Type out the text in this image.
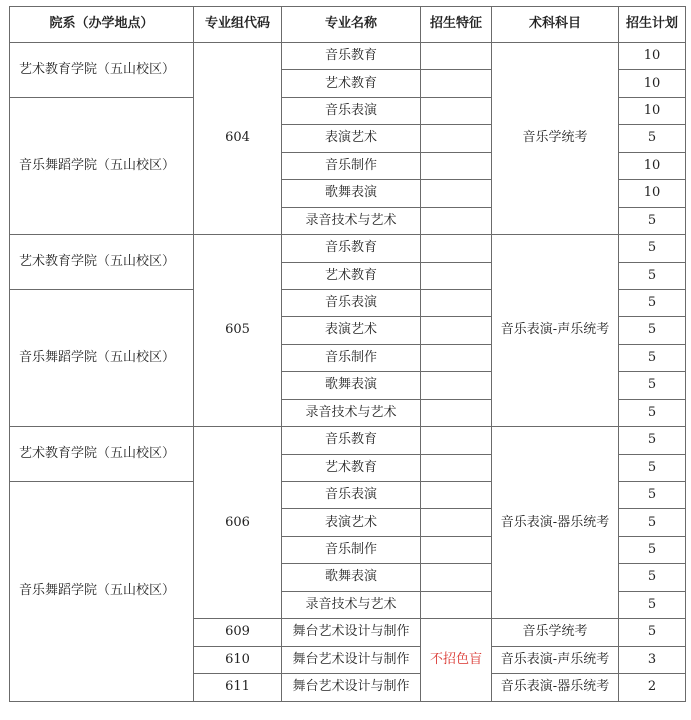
院系（办学地点）	专业组代码	专业名称	招生特征	术科科目	招生计划
艺术教育学院（五山校区）	604	音乐教育		音乐学统考	10
		艺术教育			10
音乐舞蹈学院（五山校区）		音乐表演			10
		表演艺术			5
		音乐制作			10
		歌舞表演			10
		录音技术与艺术			5
艺术教育学院（五山校区）	605	音乐教育		音乐表演-声乐统考	5
		艺术教育			5
音乐舞蹈学院（五山校区）		音乐表演			5
		表演艺术			5
		音乐制作			5
		歌舞表演			5
		录音技术与艺术			5
艺术教育学院（五山校区）	606	音乐教育		音乐表演-器乐统考	5
		艺术教育			5
音乐舞蹈学院（五山校区）		音乐表演			5
		表演艺术			5
		音乐制作			5
		歌舞表演			5
		录音技术与艺术			5
	609	舞台艺术设计与制作	不招色盲	音乐学统考	5
	610	舞台艺术设计与制作		音乐表演-声乐统考	3
	611	舞台艺术设计与制作		音乐表演-器乐统考	2
